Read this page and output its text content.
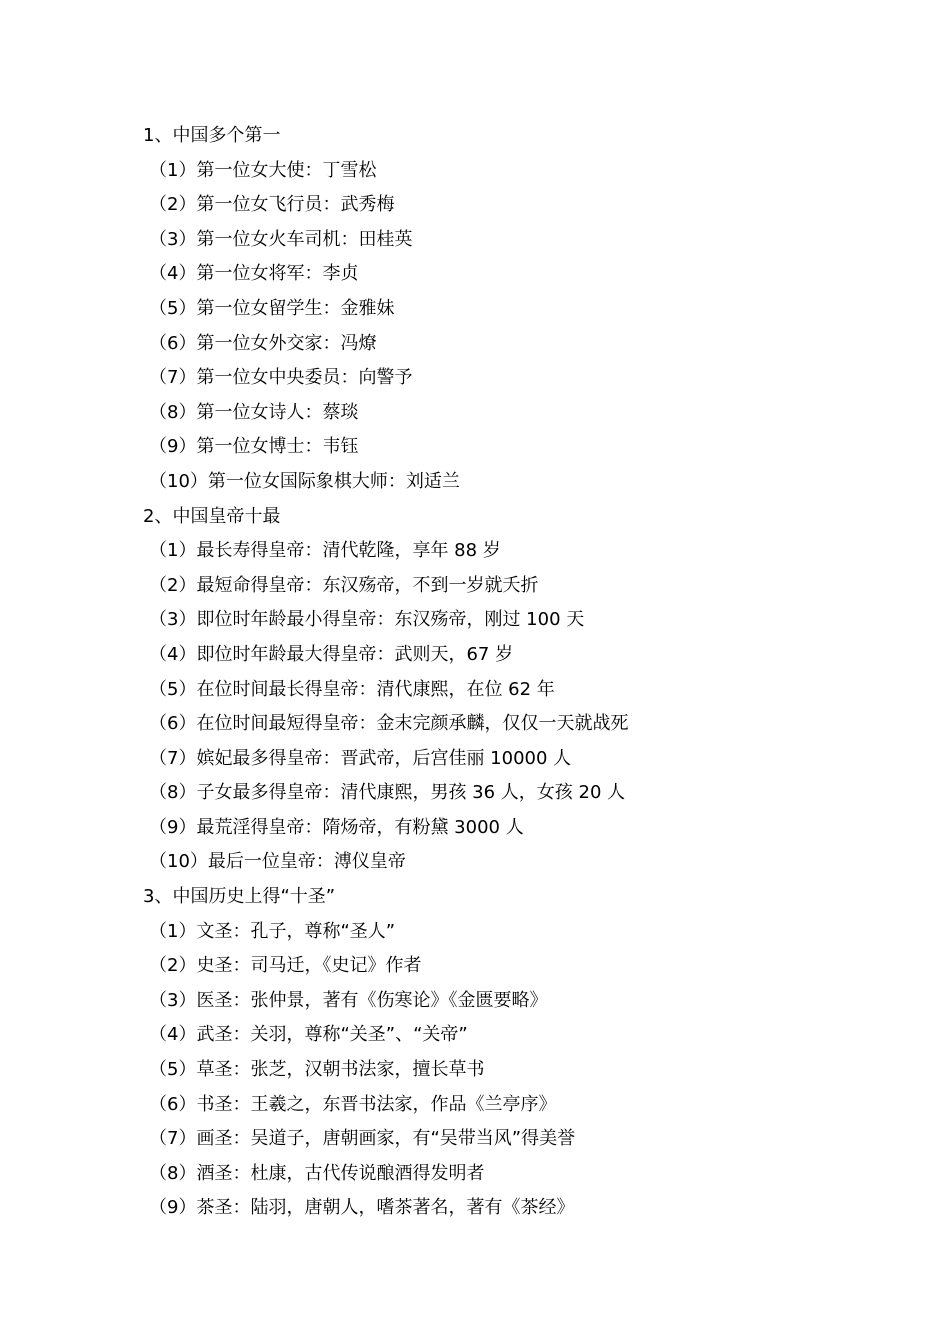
1、中国多个第一
（1）第一位女大使：丁雪松
（2）第一位女飞行员：武秀梅
（3）第一位女火车司机：田桂英
（4）第一位女将军：李贞
（5）第一位女留学生：金雅妹
（6）第一位女外交家：冯燎
（7）第一位女中央委员：向警予
（8）第一位女诗人：蔡琰
（9）第一位女博士：韦钰
（10）第一位女国际象棋大师：刘适兰
2、中国皇帝十最
（1）最长寿得皇帝：清代乾隆，享年 88 岁
（2）最短命得皇帝：东汉殇帝，不到一岁就夭折
（3）即位时年龄最小得皇帝：东汉殇帝，刚过 100 天
（4）即位时年龄最大得皇帝：武则天，67 岁
（5）在位时间最长得皇帝：清代康熙，在位 62 年
（6）在位时间最短得皇帝：金末完颜承麟，仅仅一天就战死
（7）嫔妃最多得皇帝：晋武帝，后宫佳丽 10000 人
（8）子女最多得皇帝：清代康熙，男孩 36 人，女孩 20 人
（9）最荒淫得皇帝：隋炀帝，有粉黛 3000 人
（10）最后一位皇帝：溥仪皇帝
3、中国历史上得“十圣”
（1）文圣：孔子，尊称“圣人”
（2）史圣：司马迁，《史记》作者
（3）医圣：张仲景，著有《伤寒论》《金匮要略》
（4）武圣：关羽，尊称“关圣”、“关帝”
（5）草圣：张芝，汉朝书法家，擅长草书
（6）书圣：王羲之，东晋书法家，作品《兰亭序》
（7）画圣：吴道子，唐朝画家，有“吴带当风”得美誉
（8）酒圣：杜康，古代传说酿酒得发明者
（9）茶圣：陆羽，唐朝人，嗜茶著名，著有《茶经》
